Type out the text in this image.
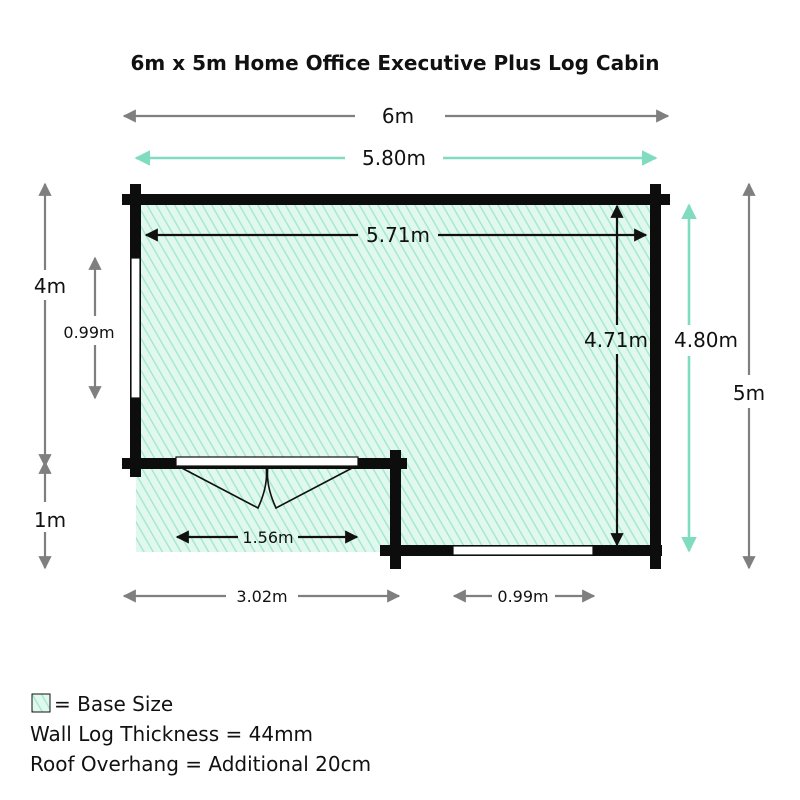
6m x 5m Home Office Executive Plus Log Cabin
6m
5.80m
5.71m
4.71m 4.80m
5m
4m
1m
0.99m
1.56m
3.02m	0.99m
= Base Size
Wall Log Thickness = 44mm
Roof Overhang = Additional 20cm
